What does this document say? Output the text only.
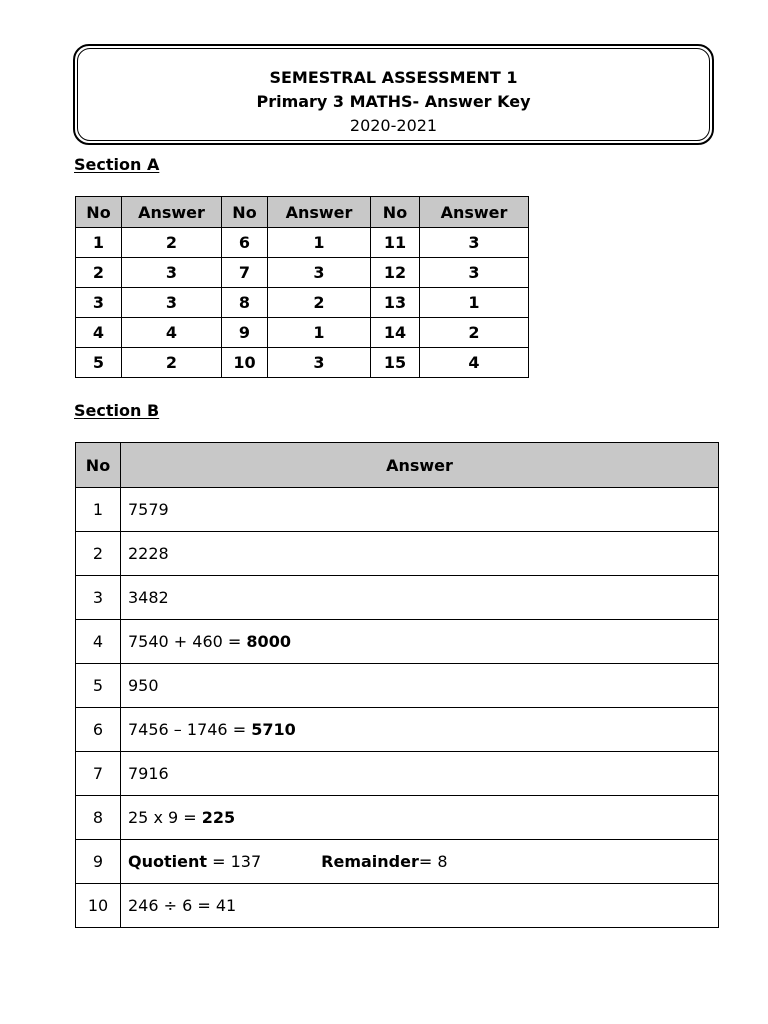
SEMESTRAL ASSESSMENT 1
Primary 3 MATHS- Answer Key
2020-2021
Section A
No	Answer	No	Answer	No	Answer
1	2	6	1	11	3
2	3	7	3	12	3
3	3	8	2	13	1
4	4	9	1	14	2
5	2	10	3	15	4
Section B
No	Answer
1	7579
2	2228
3	3482
4	7540 + 460 = 8000
5	950
6	7456 – 1746 = 5710
7	7916
8	25 x 9 = 225
9	Quotient = 137 Remainder= 8
10	246 ÷ 6 = 41
